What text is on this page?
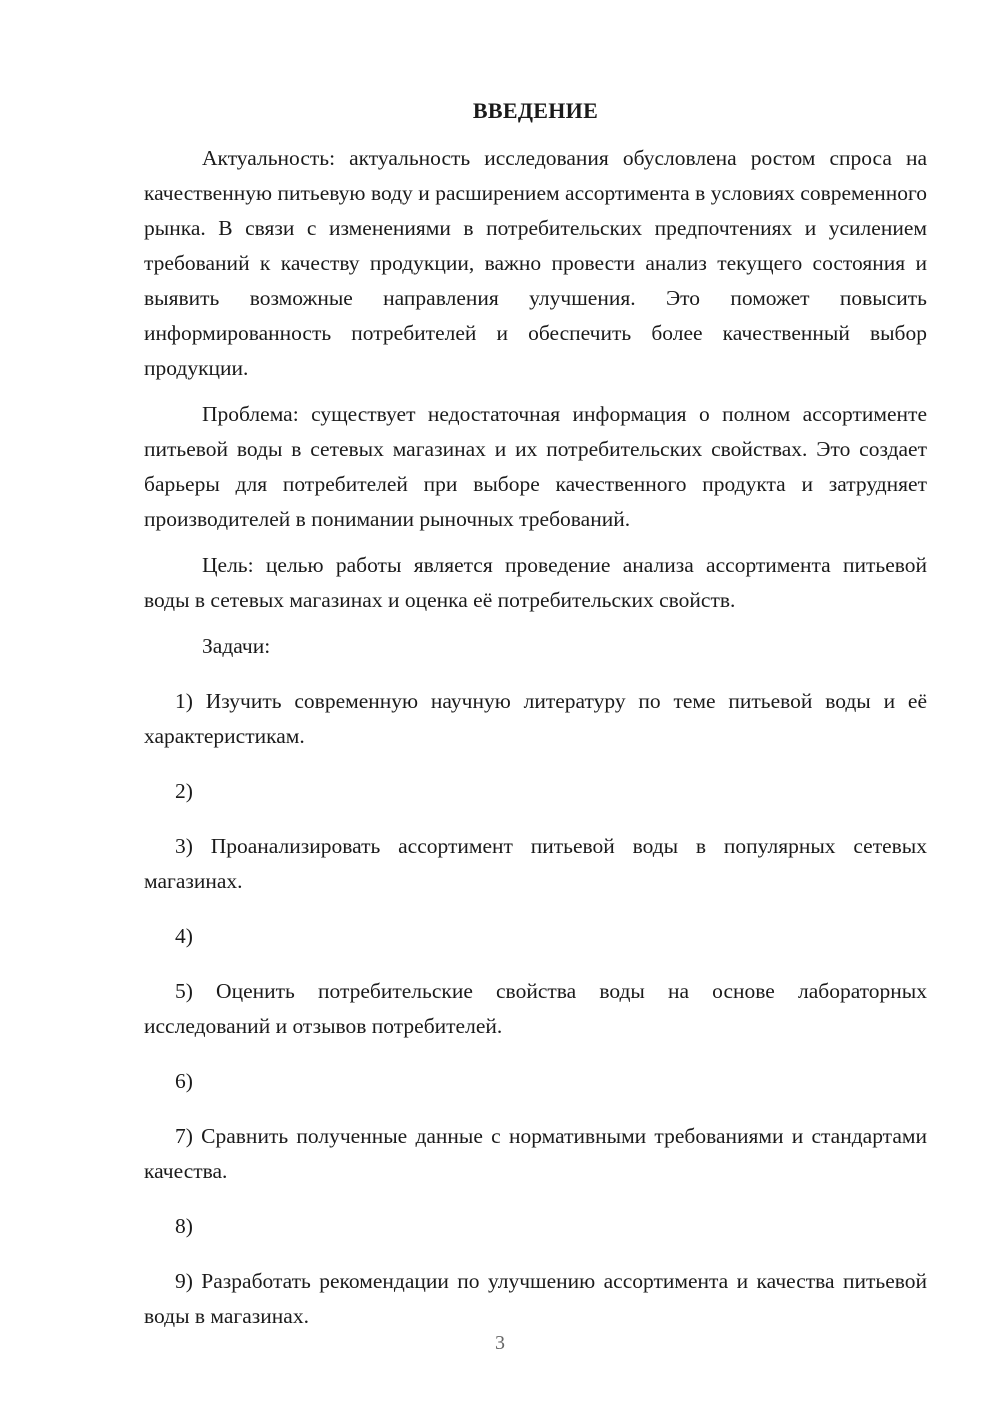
ВВЕДЕНИЕ

Актуальность: актуальность исследования обусловлена ростом спроса на качественную питьевую воду и расширением ассортимента в условиях современного рынка. В связи с изменениями в потребительских предпочтениях и усилением требований к качеству продукции, важно провести анализ текущего состояния и выявить возможные направления улучшения. Это поможет повысить информированность потребителей и обеспечить более качественный выбор продукции.

Проблема: существует недостаточная информация о полном ассортименте питьевой воды в сетевых магазинах и их потребительских свойствах. Это создает барьеры для потребителей при выборе качественного продукта и затрудняет производителей в понимании рыночных требований.

Цель: целью работы является проведение анализа ассортимента питьевой воды в сетевых магазинах и оценка её потребительских свойств.

Задачи:

1) Изучить современную научную литературу по теме питьевой воды и её характеристикам.

2)

3) Проанализировать ассортимент питьевой воды в популярных сетевых магазинах.

4)

5) Оценить потребительские свойства воды на основе лабораторных исследований и отзывов потребителей.

6)

7) Сравнить полученные данные с нормативными требованиями и стандартами качества.

8)

9) Разработать рекомендации по улучшению ассортимента и качества питьевой воды в магазинах.

3
